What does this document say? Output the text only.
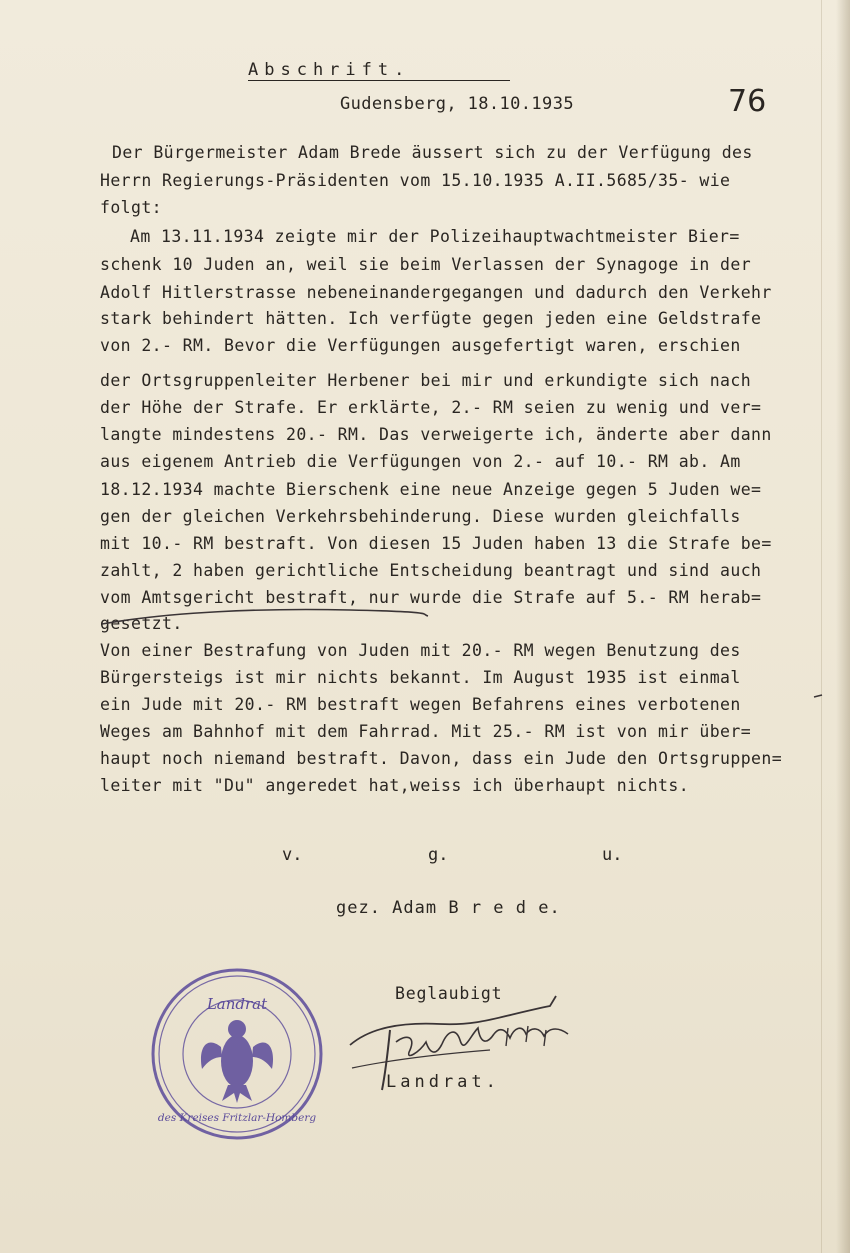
Abschrift.
Gudensberg, 18.10.1935	76
Der Bürgermeister Adam Brede äussert sich zu der Verfügung des
Herrn Regierungs-Präsidenten vom 15.10.1935 A.II.5685/35- wie
folgt:
Am 13.11.1934 zeigte mir der Polizeihauptwachtmeister Bier=
schenk 10 Juden an, weil sie beim Verlassen der Synagoge in der
Adolf Hitlerstrasse nebeneinandergegangen und dadurch den Verkehr
stark behindert hätten. Ich verfügte gegen jeden eine Geldstrafe
von 2.- RM. Bevor die Verfügungen ausgefertigt waren, erschien
der Ortsgruppenleiter Herbener bei mir und erkundigte sich nach
der Höhe der Strafe. Er erklärte, 2.- RM seien zu wenig und ver=
langte mindestens 20.- RM. Das verweigerte ich, änderte aber dann
aus eigenem Antrieb die Verfügungen von 2.- auf 10.- RM ab. Am
18.12.1934 machte Bierschenk eine neue Anzeige gegen 5 Juden we=
gen der gleichen Verkehrsbehinderung. Diese wurden gleichfalls
mit 10.- RM bestraft. Von diesen 15 Juden haben 13 die Strafe be=
zahlt, 2 haben gerichtliche Entscheidung beantragt und sind auch
vom Amtsgericht bestraft, nur wurde die Strafe auf 5.- RM herab=
gesetzt.
Von einer Bestrafung von Juden mit 20.- RM wegen Benutzung des
Bürgersteigs ist mir nichts bekannt. Im August 1935 ist einmal
ein Jude mit 20.- RM bestraft wegen Befahrens eines verbotenen
Weges am Bahnhof mit dem Fahrrad. Mit 25.- RM ist von mir über=
haupt noch niemand bestraft. Davon, dass ein Jude den Ortsgruppen=
leiter mit "Du" angeredet hat,weiss ich überhaupt nichts.
v.	g.	u.
gez. Adam B r e d e.
Beglaubigt
Landrat.
Landrat
des Kreises Fritzlar-Homberg
